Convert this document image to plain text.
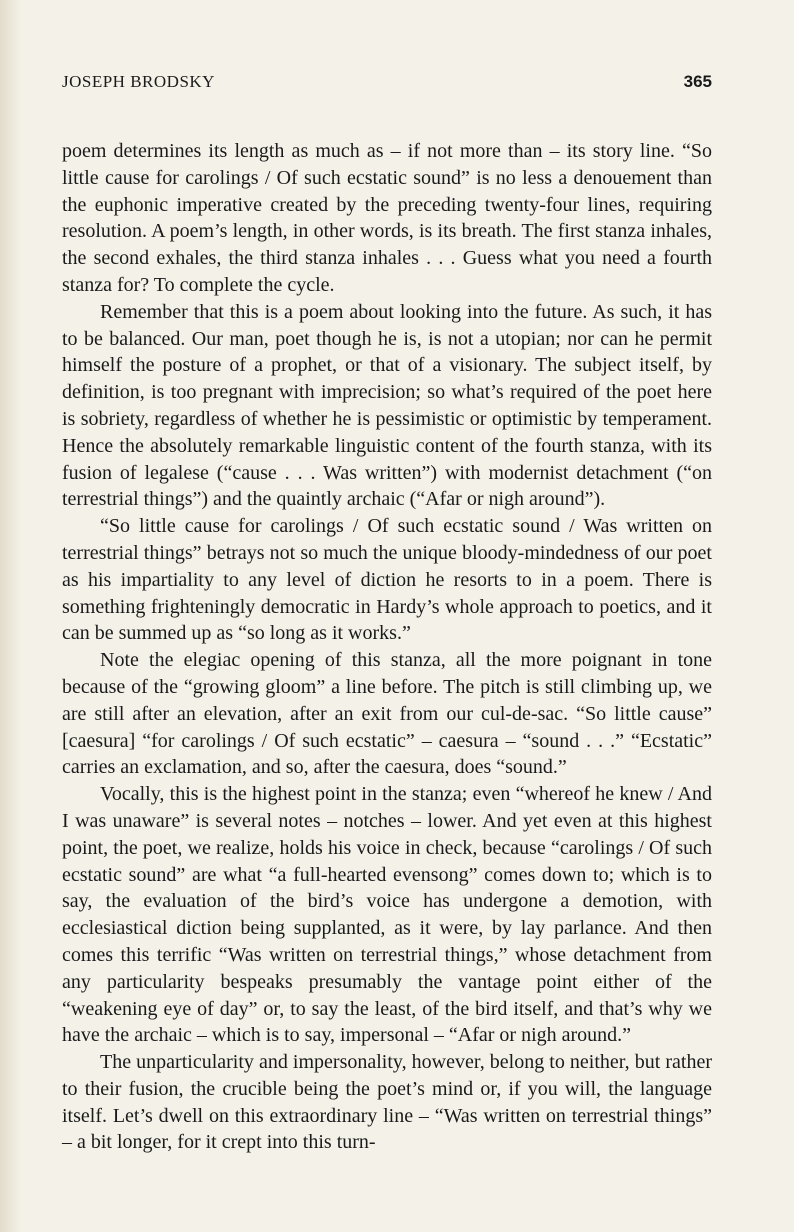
JOSEPH BRODSKY	365

poem determines its length as much as – if not more than – its story line. “So little cause for carolings / Of such ecstatic sound” is no less a denouement than the euphonic imperative created by the preceding twenty-four lines, requiring resolution. A poem’s length, in other words, is its breath. The first stanza inhales, the second exhales, the third stanza inhales . . . Guess what you need a fourth stanza for? To complete the cycle.

Remember that this is a poem about looking into the future. As such, it has to be balanced. Our man, poet though he is, is not a utopian; nor can he permit himself the posture of a prophet, or that of a visionary. The subject itself, by definition, is too pregnant with imprecision; so what’s required of the poet here is sobriety, regardless of whether he is pessimistic or optimistic by temperament. Hence the absolutely remarkable linguistic content of the fourth stanza, with its fusion of legalese (“cause . . . Was written”) with modernist detachment (“on terrestrial things”) and the quaintly archaic (“Afar or nigh around”).

“So little cause for carolings / Of such ecstatic sound / Was written on terrestrial things” betrays not so much the unique bloody-mindedness of our poet as his impartiality to any level of diction he resorts to in a poem. There is something frighteningly democratic in Hardy’s whole approach to poetics, and it can be summed up as “so long as it works.”

Note the elegiac opening of this stanza, all the more poignant in tone because of the “growing gloom” a line before. The pitch is still climbing up, we are still after an elevation, after an exit from our cul-de-sac. “So little cause” [caesura] “for carolings / Of such ecstatic” – caesura – “sound . . .” “Ecstatic” carries an exclamation, and so, after the caesura, does “sound.”

Vocally, this is the highest point in the stanza; even “whereof he knew / And I was unaware” is several notes – notches – lower. And yet even at this highest point, the poet, we realize, holds his voice in check, because “carolings / Of such ecstatic sound” are what “a full-hearted evensong” comes down to; which is to say, the evaluation of the bird’s voice has undergone a demotion, with ecclesiastical diction being supplanted, as it were, by lay parlance. And then comes this terrific “Was written on terrestrial things,” whose detachment from any particularity bespeaks presumably the vantage point either of the “weakening eye of day” or, to say the least, of the bird itself, and that’s why we have the archaic – which is to say, impersonal – “Afar or nigh around.”

The unparticularity and impersonality, however, belong to neither, but rather to their fusion, the crucible being the poet’s mind or, if you will, the language itself. Let’s dwell on this extraordinary line – “Was written on terrestrial things” – a bit longer, for it crept into this turn-
